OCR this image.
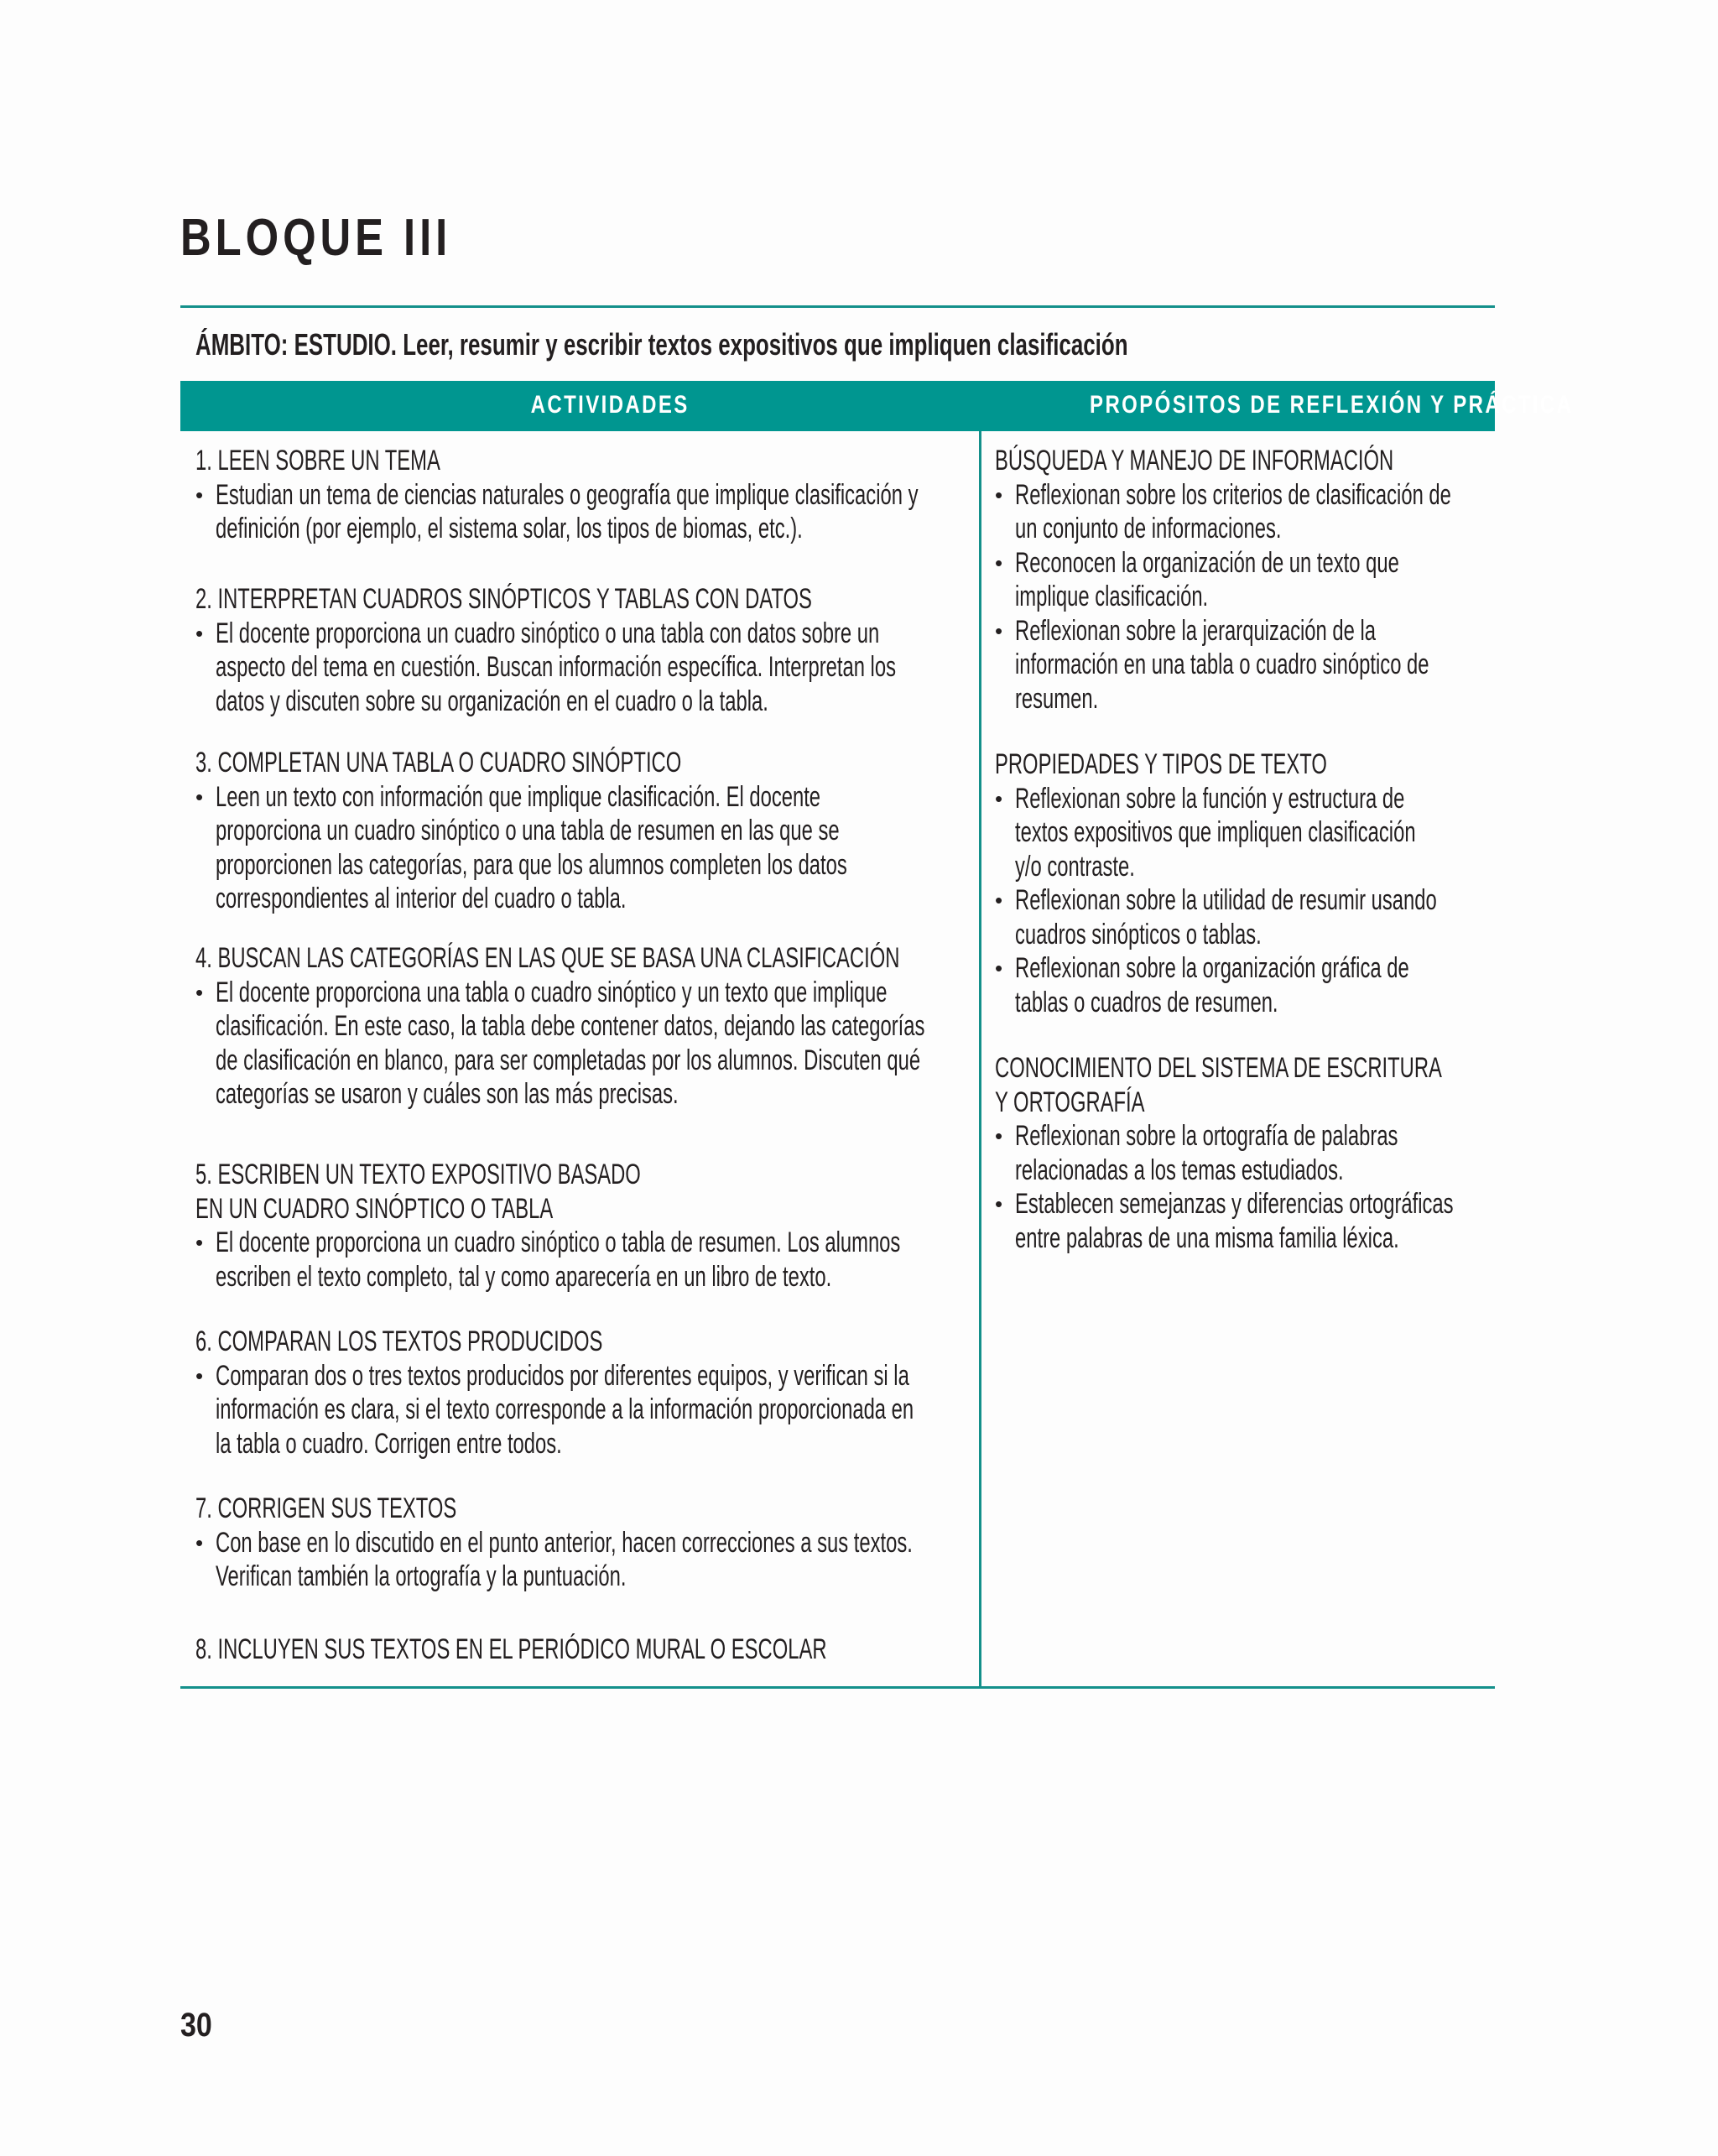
BLOQUE III
ÁMBITO: ESTUDIO. Leer, resumir y escribir textos expositivos que impliquen clasificación
ACTIVIDADES	PROPÓSITOS DE REFLEXIÓN Y PRÁCTICA
1. LEEN SOBRE UN TEMA
• Estudian un tema de ciencias naturales o geografía que implique clasificación y
definición (por ejemplo, el sistema solar, los tipos de biomas, etc.).
2. INTERPRETAN CUADROS SINÓPTICOS Y TABLAS CON DATOS
• El docente proporciona un cuadro sinóptico o una tabla con datos sobre un
aspecto del tema en cuestión. Buscan información específica. Interpretan los
datos y discuten sobre su organización en el cuadro o la tabla.
3. COMPLETAN UNA TABLA O CUADRO SINÓPTICO
• Leen un texto con información que implique clasificación. El docente
proporciona un cuadro sinóptico o una tabla de resumen en las que se
proporcionen las categorías, para que los alumnos completen los datos
correspondientes al interior del cuadro o tabla.
4. BUSCAN LAS CATEGORÍAS EN LAS QUE SE BASA UNA CLASIFICACIÓN
• El docente proporciona una tabla o cuadro sinóptico y un texto que implique
clasificación. En este caso, la tabla debe contener datos, dejando las categorías
de clasificación en blanco, para ser completadas por los alumnos. Discuten qué
categorías se usaron y cuáles son las más precisas.
5. ESCRIBEN UN TEXTO EXPOSITIVO BASADO
EN UN CUADRO SINÓPTICO O TABLA
• El docente proporciona un cuadro sinóptico o tabla de resumen. Los alumnos
escriben el texto completo, tal y como aparecería en un libro de texto.
6. COMPARAN LOS TEXTOS PRODUCIDOS
• Comparan dos o tres textos producidos por diferentes equipos, y verifican si la
información es clara, si el texto corresponde a la información proporcionada en
la tabla o cuadro. Corrigen entre todos.
7. CORRIGEN SUS TEXTOS
• Con base en lo discutido en el punto anterior, hacen correcciones a sus textos.
Verifican también la ortografía y la puntuación.
8. INCLUYEN SUS TEXTOS EN EL PERIÓDICO MURAL O ESCOLAR
BÚSQUEDA Y MANEJO DE INFORMACIÓN
• Reflexionan sobre los criterios de clasificación de
un conjunto de informaciones.
• Reconocen la organización de un texto que
implique clasificación.
• Reflexionan sobre la jerarquización de la
información en una tabla o cuadro sinóptico de
resumen.
PROPIEDADES Y TIPOS DE TEXTO
• Reflexionan sobre la función y estructura de
textos expositivos que impliquen clasificación
y/o contraste.
• Reflexionan sobre la utilidad de resumir usando
cuadros sinópticos o tablas.
• Reflexionan sobre la organización gráfica de
tablas o cuadros de resumen.
CONOCIMIENTO DEL SISTEMA DE ESCRITURA
Y ORTOGRAFÍA
• Reflexionan sobre la ortografía de palabras
relacionadas a los temas estudiados.
• Establecen semejanzas y diferencias ortográficas
entre palabras de una misma familia léxica.
30
